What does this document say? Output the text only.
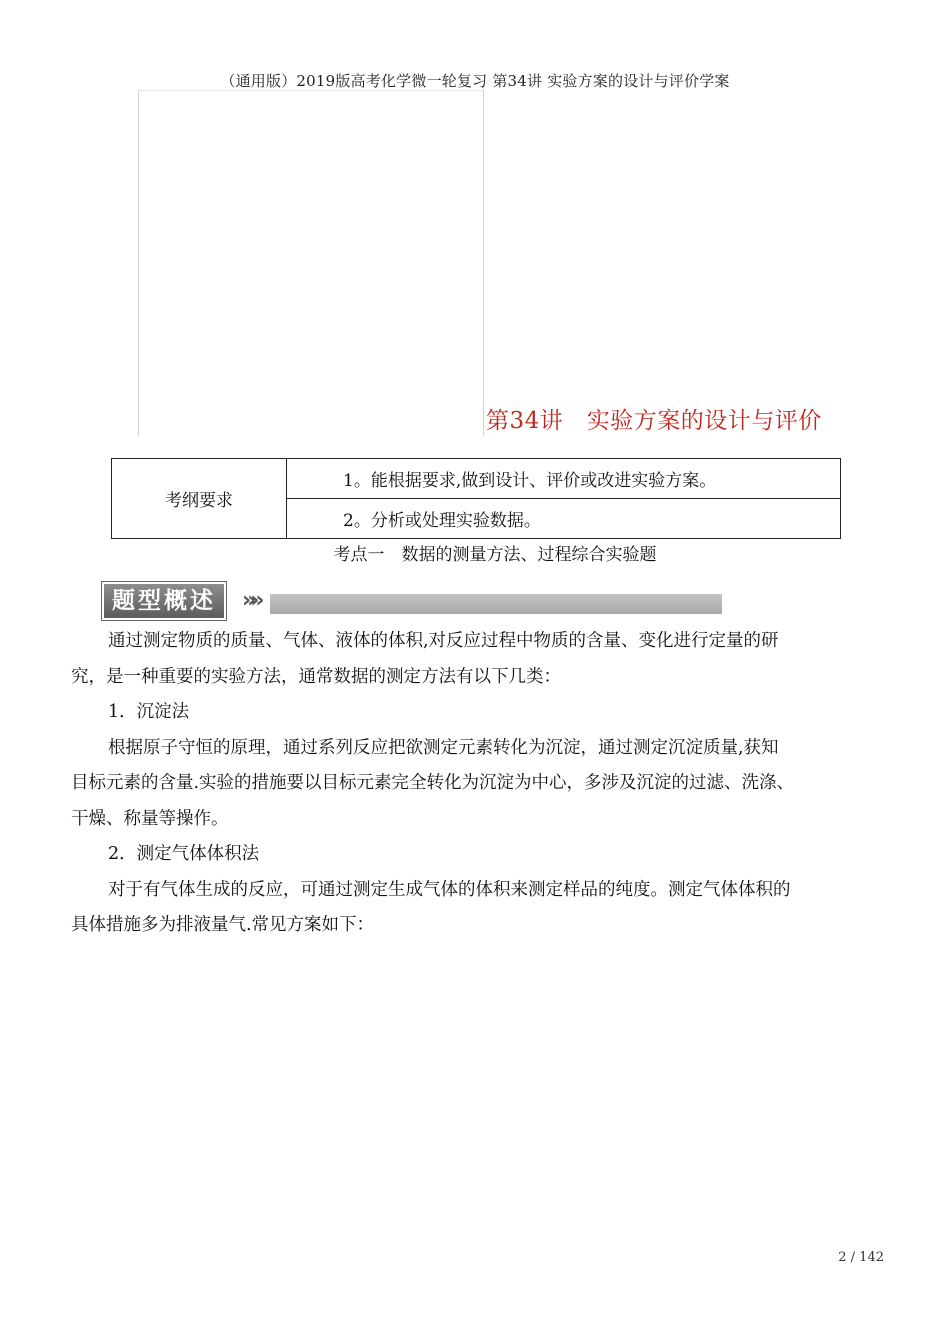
（通用版）2019版高考化学微一轮复习 第34讲 实验方案的设计与评价学案
第34讲　实验方案的设计与评价
考纲要求	1。能根据要求,做到设计、评价或改进实验方案。
2。分析或处理实验数据。
考点一　数据的测量方法、过程综合实验题
题型概述	»»

通过测定物质的质量、气体、液体的体积,对反应过程中物质的含量、变化进行定量的研

究，是一种重要的实验方法，通常数据的测定方法有以下几类：

1．沉淀法

根据原子守恒的原理，通过系列反应把欲测定元素转化为沉淀，通过测定沉淀质量,获知

目标元素的含量.实验的措施要以目标元素完全转化为沉淀为中心，多涉及沉淀的过滤、洗涤、

干燥、称量等操作。

2．测定气体体积法

对于有气体生成的反应，可通过测定生成气体的体积来测定样品的纯度。测定气体体积的

具体措施多为排液量气.常见方案如下：

2 / 142
